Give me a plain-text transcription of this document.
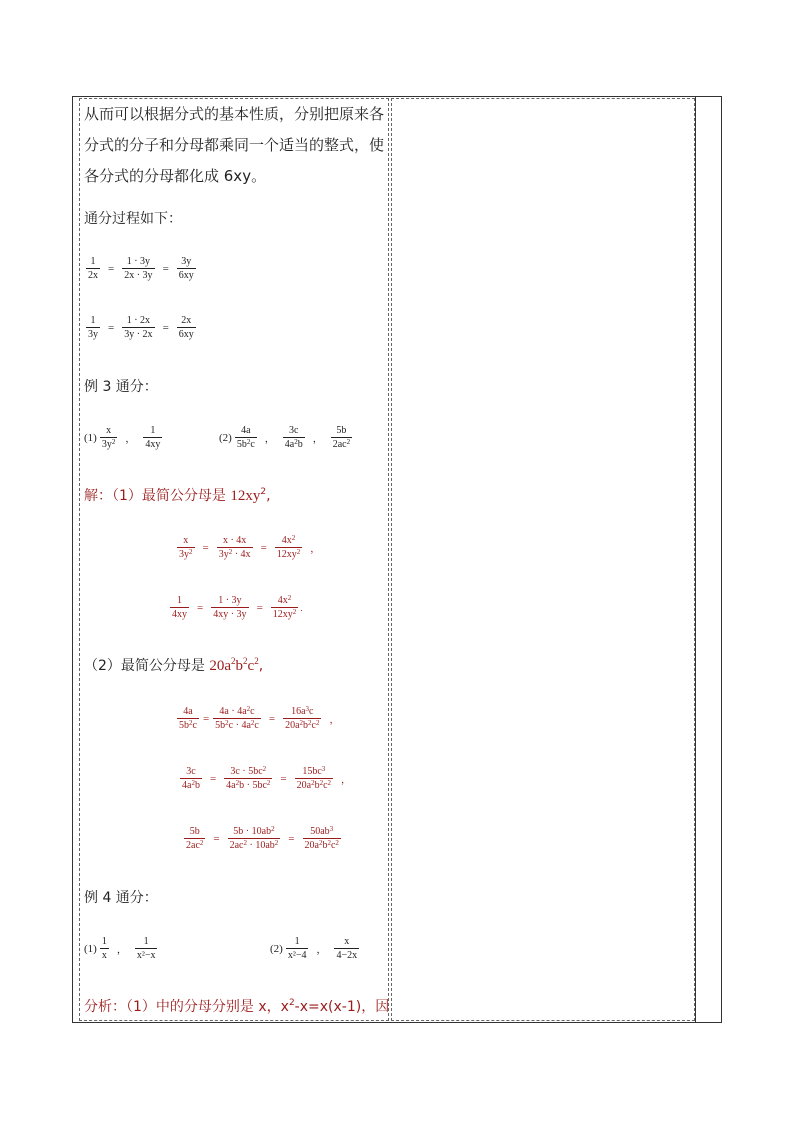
从而可以根据分式的基本性质，分别把原来各分式的分子和分母都乘同一个适当的整式，使各分式的分母都化成 6xy。
通分过程如下：
$\frac{1}{2x} = \frac{1 \cdot 3y}{2x \cdot 3y} = \frac{3y}{6xy}$
$\frac{1}{3y} = \frac{1 \cdot 2x}{3y \cdot 2x} = \frac{2x}{6xy}$
例 3 通分：
$(1) \frac{x}{3y^2}$ ， $\frac{1}{4xy}$	$(2) \frac{4a}{5b^2c}$ ， $\frac{3c}{4a^2b}$ ， $\frac{5b}{2ac^2}$
解：（1）最简公分母是 $12xy^2$,
$\frac{x}{3y^2} = \frac{x \cdot 4x}{3y^2 \cdot 4x} = \frac{4x^2}{12xy^2}$ ，
$\frac{1}{4xy} = \frac{1 \cdot 3y}{4xy \cdot 3y} = \frac{4x^2}{12xy^2}$ .
（2）最简公分母是 $20a^2b^2c^2$,
$\frac{4a}{5b^2c} = \frac{4a \cdot 4a^2c}{5b^2c \cdot 4a^2c} = \frac{16a^3c}{20a^2b^2c^2}$ ，
$\frac{3c}{4a^2b} = \frac{3c \cdot 5bc^2}{4a^2b \cdot 5bc^2} = \frac{15bc^3}{20a^2b^2c^2}$ ，
$\frac{5b}{2ac^2} = \frac{5b \cdot 10ab^2}{2ac^2 \cdot 10ab^2} = \frac{50ab^3}{20a^2b^2c^2}$
例 4 通分：
$(1) \frac{1}{x}$ ， $\frac{1}{\text{x²−x}}$	$(2) \frac{1}{\text{x²−4}}$ ， $\frac{x}{4-2x}$
分析：（1）中的分母分别是 x，$x^2-x=x(x-1)$，因
